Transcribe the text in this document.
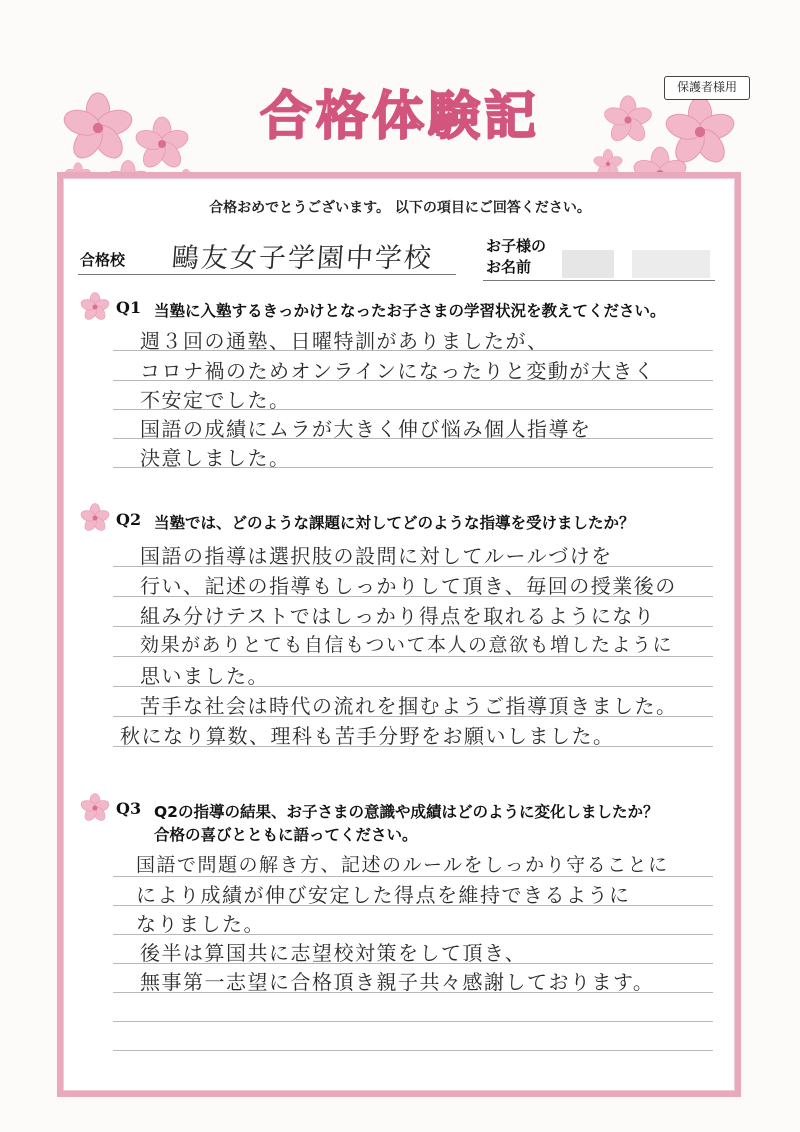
保護者様用
合格体験記
合格おめでとうございます。 以下の項目にご回答ください。
合格校 鷗友女子学園中学校	お子様の
お名前
Q1 当塾に入塾するきっかけとなったお子さまの学習状況を教えてください。
週３回の通塾、日曜特訓がありましたが、
コロナ禍のためオンラインになったりと変動が大きく
不安定でした。
国語の成績にムラが大きく伸び悩み個人指導を
決意しました。
Q2 当塾では、どのような課題に対してどのような指導を受けましたか？
国語の指導は選択肢の設問に対してルールづけを
行い、記述の指導もしっかりして頂き、毎回の授業後の
組み分けテストではしっかり得点を取れるようになり
効果がありとても自信もついて本人の意欲も増したように
思いました。
苦手な社会は時代の流れを掴むようご指導頂きました。
秋になり算数、理科も苦手分野をお願いしました。
Q3 Q2の指導の結果、お子さまの意識や成績はどのように変化しましたか？
合格の喜びとともに語ってください。
国語で問題の解き方、記述のルールをしっかり守ることに
により成績が伸び安定した得点を維持できるように
なりました。
後半は算国共に志望校対策をして頂き、
無事第一志望に合格頂き親子共々感謝しております。
